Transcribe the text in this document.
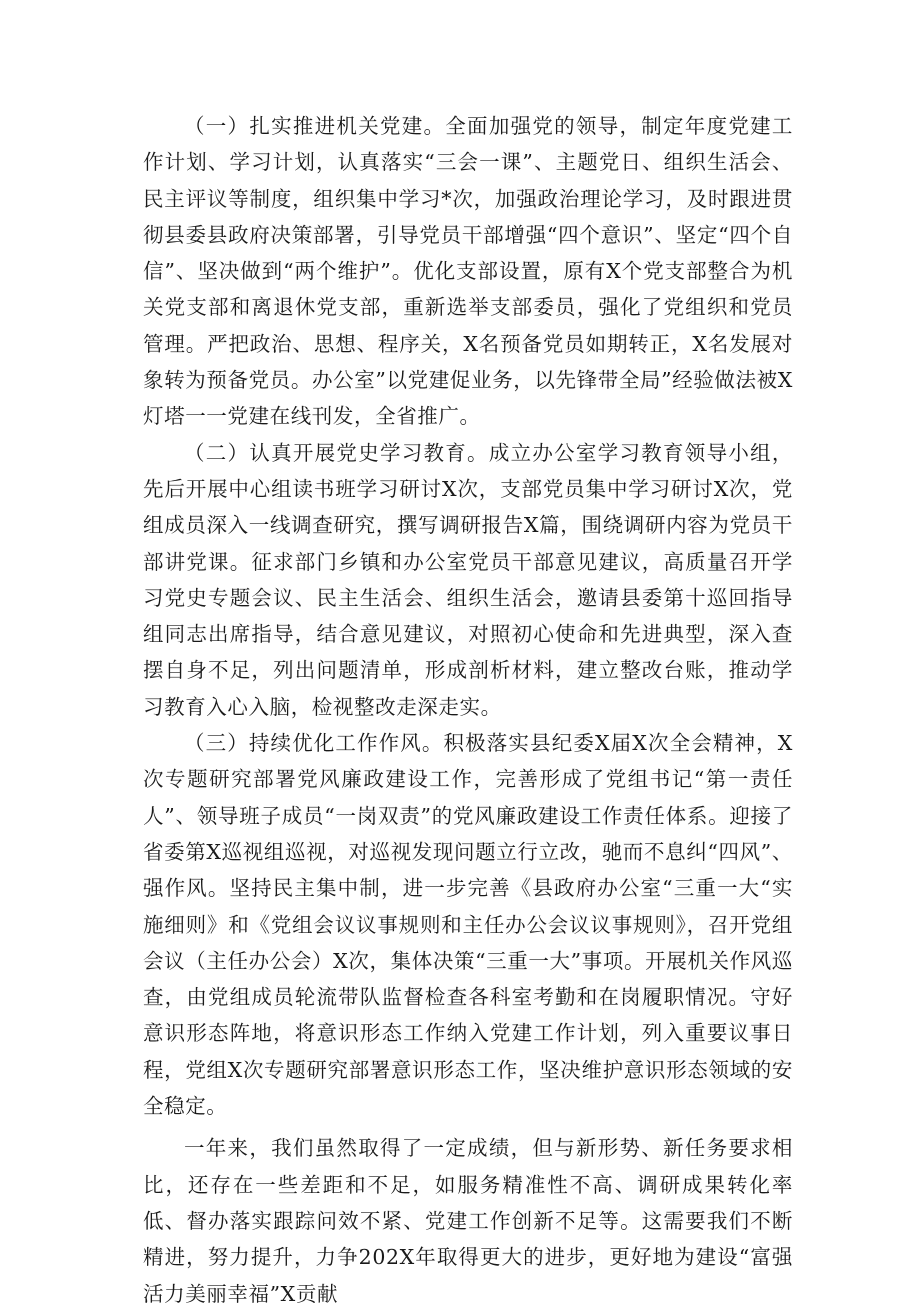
（一）扎实推进机关党建。全面加强党的领导，制定年度党建工作计划、学习计划，认真落实“三会一课”、主题党日、组织生活会、民主评议等制度，组织集中学习*次，加强政治理论学习，及时跟进贯彻县委县政府决策部署，引导党员干部增强“四个意识”、坚定“四个自信”、坚决做到“两个维护”。优化支部设置，原有X个党支部整合为机关党支部和离退休党支部，重新选举支部委员，强化了党组织和党员管理。严把政治、思想、程序关，X名预备党员如期转正，X名发展对象转为预备党员。办公室”以党建促业务，以先锋带全局”经验做法被X灯塔一一党建在线刊发，全省推广。

（二）认真开展党史学习教育。成立办公室学习教育领导小组，先后开展中心组读书班学习研讨X次，支部党员集中学习研讨X次，党组成员深入一线调查研究，撰写调研报告X篇，围绕调研内容为党员干部讲党课。征求部门乡镇和办公室党员干部意见建议，高质量召开学习党史专题会议、民主生活会、组织生活会，邀请县委第十巡回指导组同志出席指导，结合意见建议，对照初心使命和先进典型，深入查摆自身不足，列出问题清单，形成剖析材料，建立整改台账，推动学习教育入心入脑，检视整改走深走实。

（三）持续优化工作作风。积极落实县纪委X届X次全会精神，X次专题研究部署党风廉政建设工作，完善形成了党组书记“第一责任人”、领导班子成员“一岗双责”的党风廉政建设工作责任体系。迎接了省委第X巡视组巡视，对巡视发现问题立行立改，驰而不息纠“四风”、强作风。坚持民主集中制，进一步完善《县政府办公室“三重一大“实施细则》和《党组会议议事规则和主任办公会议议事规则》，召开党组会议（主任办公会）X次，集体决策“三重一大”事项。开展机关作风巡查，由党组成员轮流带队监督检查各科室考勤和在岗履职情况。守好意识形态阵地，将意识形态工作纳入党建工作计划，列入重要议事日程，党组X次专题研究部署意识形态工作，坚决维护意识形态领域的安全稳定。

一年来，我们虽然取得了一定成绩，但与新形势、新任务要求相比，还存在一些差距和不足，如服务精准性不高、调研成果转化率低、督办落实跟踪问效不紧、党建工作创新不足等。这需要我们不断精进，努力提升，力争202X年取得更大的进步，更好地为建设“富强活力美丽幸福”X贡献
